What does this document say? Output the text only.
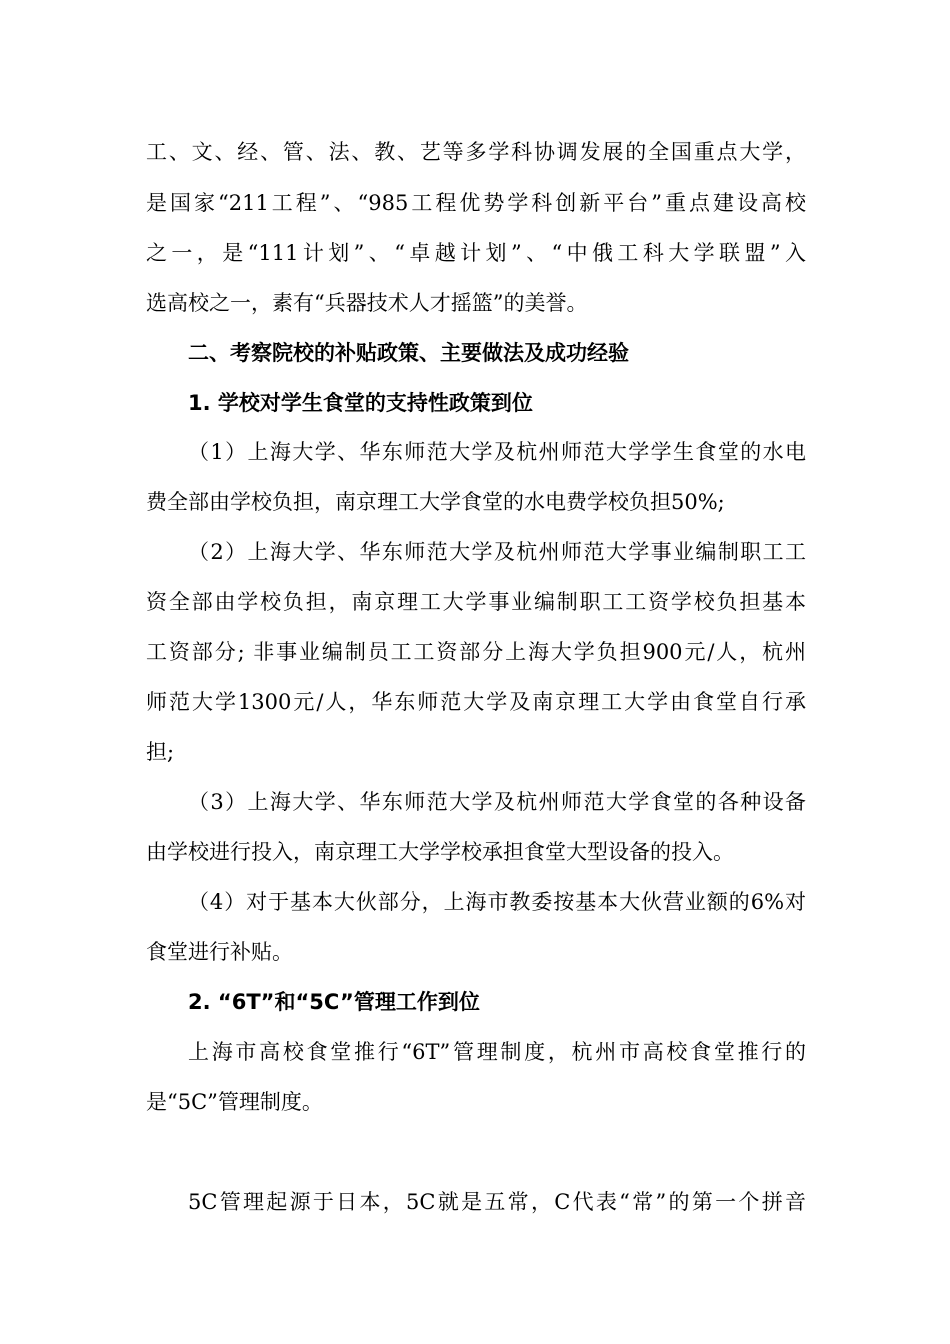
工、文、经、管、法、教、艺等多学科协调发展的全国重点大学，
是国家“211工程”、“985工程优势学科创新平台”重点建设高校
之一，是“111计划”、“卓越计划”、“中俄工科大学联盟”入
选高校之一，素有“兵器技术人才摇篮”的美誉。
二、考察院校的补贴政策、主要做法及成功经验
1. 学校对学生食堂的支持性政策到位
（1）上海大学、华东师范大学及杭州师范大学学生食堂的水电
费全部由学校负担，南京理工大学食堂的水电费学校负担50%;
（2）上海大学、华东师范大学及杭州师范大学事业编制职工工
资全部由学校负担，南京理工大学事业编制职工工资学校负担基本
工资部分; 非事业编制员工工资部分上海大学负担900元/人，杭州
师范大学1300元/人，华东师范大学及南京理工大学由食堂自行承
担;
（3）上海大学、华东师范大学及杭州师范大学食堂的各种设备
由学校进行投入，南京理工大学学校承担食堂大型设备的投入。
（4）对于基本大伙部分，上海市教委按基本大伙营业额的6%对
食堂进行补贴。
2. “6T”和“5C”管理工作到位
上海市高校食堂推行“6T”管理制度，杭州市高校食堂推行的
是“5C”管理制度。
5C管理起源于日本，5C就是五常，C代表“常”的第一个拼音
